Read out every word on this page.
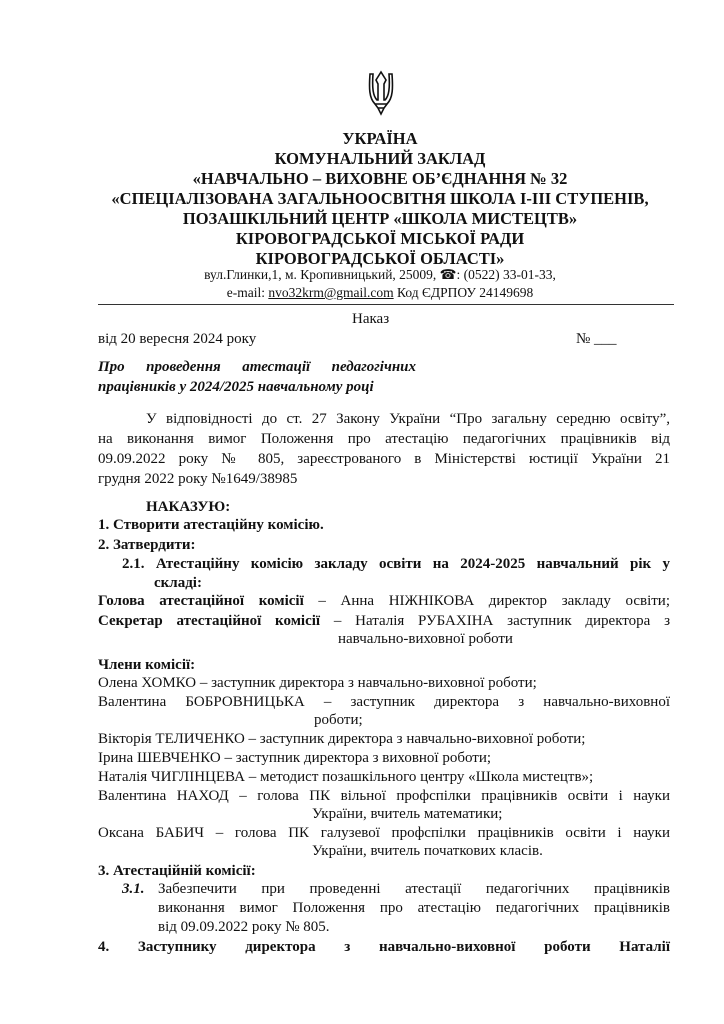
УКРАЇНА
КОМУНАЛЬНИЙ ЗАКЛАД
«НАВЧАЛЬНО – ВИХОВНЕ ОБ’ЄДНАННЯ № 32
«СПЕЦІАЛІЗОВАНА ЗАГАЛЬНООСВІТНЯ ШКОЛА І-ІІІ СТУПЕНІВ,
ПОЗАШКІЛЬНИЙ ЦЕНТР «ШКОЛА МИСТЕЦТВ»
КІРОВОГРАДСЬКОЇ МІСЬКОЇ РАДИ
КІРОВОГРАДСЬКОЇ ОБЛАСТІ»
вул.Глинки,1, м. Кропивницький, 25009, ☎: (0522) 33-01-33,
e-mail: nvo32krm@gmail.com Код ЄДРПОУ 24149698
Наказ
від 20 вересня 2024 року	№ ___
Про проведення атестації педагогічних
працівників у 2024/2025 навчальному році
У відповідності до ст. 27 Закону України “Про загальну середню освіту”,
на виконання вимог Положення про атестацію педагогічних працівників від
09.09.2022 року № 805, зареєстрованого в Міністерстві юстиції України 21
грудня 2022 року №1649/38985
НАКАЗУЮ:
1. Створити атестаційну комісію.
2. Затвердити:
2.1. Атестаційну комісію закладу освіти на 2024-2025 навчальний рік у
складі:
Голова атестаційної комісії – Анна НІЖНІКОВА директор закладу освіти;
Секретар атестаційної комісії – Наталія РУБАХІНА заступник директора з
навчально-виховної роботи
Члени комісії:
Олена ХОМКО – заступник директора з навчально-виховної роботи;
Валентина БОБРОВНИЦЬКА – заступник директора з навчально-виховної
роботи;
Вікторія ТЕЛИЧЕНКО – заступник директора з навчально-виховної роботи;
Ірина ШЕВЧЕНКО – заступник директора з виховної роботи;
Наталія ЧИГЛІНЦЕВА – методист позашкільного центру «Школа мистецтв»;
Валентина НАХОД – голова ПК вільної профспілки працівників освіти і науки
України, вчитель математики;
Оксана БАБИЧ – голова ПК галузевої профспілки працівників освіти і науки
України, вчитель початкових класів.
3. Атестаційній комісії:
3.1. Забезпечити при проведенні атестації педагогічних працівників
виконання вимог Положення про атестацію педагогічних працівників
від 09.09.2022 року № 805.
4. Заступнику директора з навчально-виховної роботи Наталії
